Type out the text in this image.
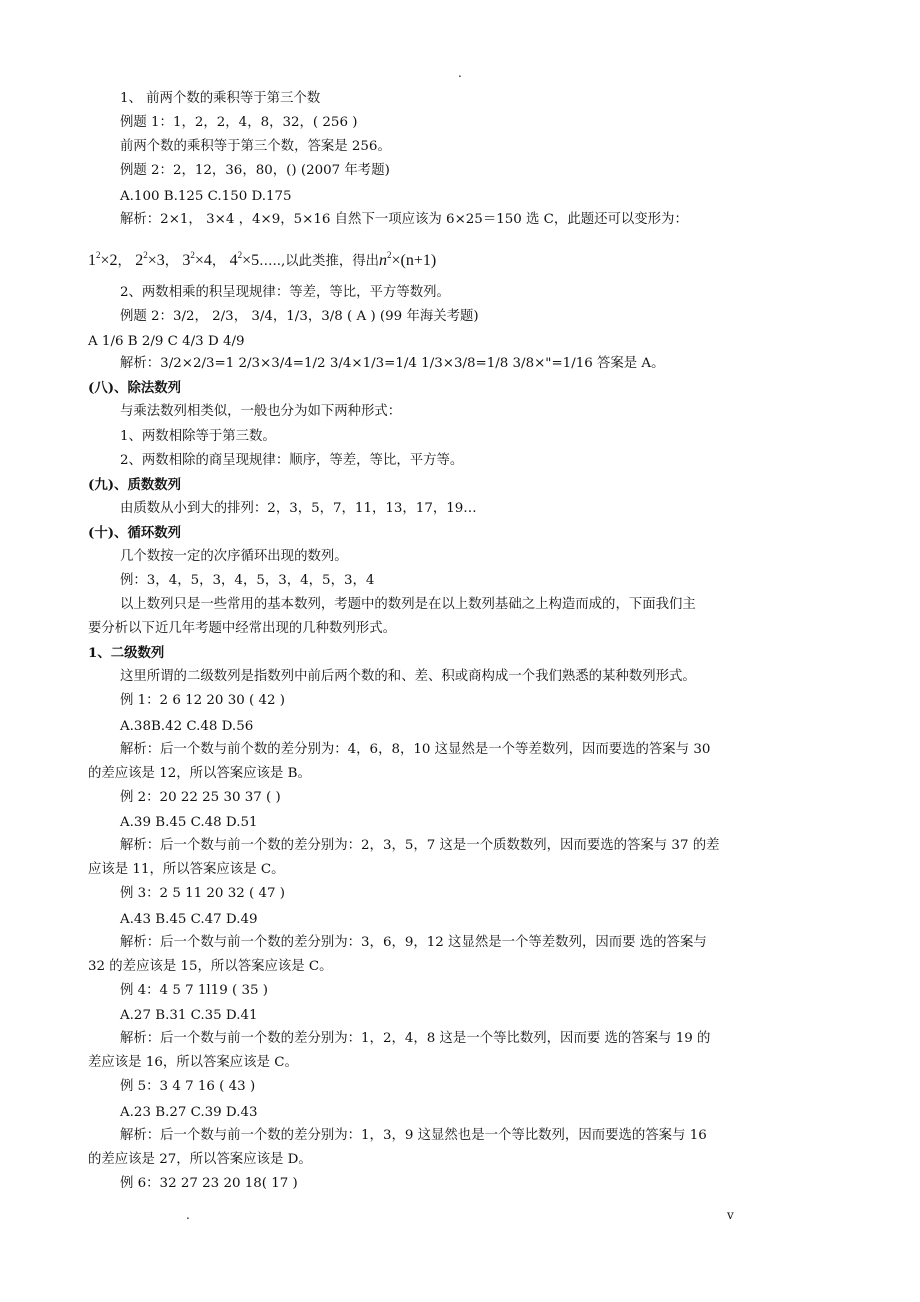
.
1、 前两个数的乘积等于第三个数
例题 1：1，2，2，4，8，32，( 256 )
前两个数的乘积等于第三个数，答案是 256。
例题 2：2，12，36，80，() (2007 年考题)
A.100 B.125 C.150 D.175
解析：2×1， 3×4 ，4×9，5×16 自然下一项应该为 6×25＝150 选 C，此题还可以变形为：
$1^2\times 2$， $2^2\times 3$， $3^2\times 4$， $4^2\times 5\dots$..,以此类推，得出$n^2\times(n+1)$
2、两数相乘的积呈现规律：等差，等比，平方等数列。
例题 2：3/2， 2/3， 3/4，1/3，3/8 ( A ) (99 年海关考题)
A 1/6 B 2/9 C 4/3 D 4/9
解析：3/2×2/3=1 2/3×3/4=1/2 3/4×1/3=1/4 1/3×3/8=1/8 3/8×"=1/16 答案是 A。
(八)、除法数列
与乘法数列相类似，一般也分为如下两种形式：
1、两数相除等于第三数。
2、两数相除的商呈现规律：顺序，等差，等比，平方等。
(九)、质数数列
由质数从小到大的排列：2，3，5，7，11，13，17，19…
(十)、循环数列
几个数按一定的次序循环出现的数列。
例：3，4，5，3，4，5，3，4，5，3，4
以上数列只是一些常用的基本数列，考题中的数列是在以上数列基础之上构造而成的，下面我们主
要分析以下近几年考题中经常出现的几种数列形式。
1、二级数列
这里所谓的二级数列是指数列中前后两个数的和、差、积或商构成一个我们熟悉的某种数列形式。
例 1：2 6 12 20 30 ( 42 )
A.38B.42 C.48 D.56
解析：后一个数与前个数的差分别为：4，6，8，10 这显然是一个等差数列，因而要选的答案与 30
的差应该是 12，所以答案应该是 B。
例 2：20 22 25 30 37 ( )
A.39 B.45 C.48 D.51
解析：后一个数与前一个数的差分别为：2，3，5，7 这是一个质数数列，因而要选的答案与 37 的差
应该是 11，所以答案应该是 C。
例 3：2 5 11 20 32 ( 47 )
A.43 B.45 C.47 D.49
解析：后一个数与前一个数的差分别为：3，6，9，12 这显然是一个等差数列，因而要 选的答案与
32 的差应该是 15，所以答案应该是 C。
例 4：4 5 7 1l19 ( 35 )
A.27 B.31 C.35 D.41
解析：后一个数与前一个数的差分别为：1，2，4，8 这是一个等比数列，因而要 选的答案与 19 的
差应该是 16，所以答案应该是 C。
例 5：3 4 7 16 ( 43 )
A.23 B.27 C.39 D.43
解析：后一个数与前一个数的差分别为：1，3，9 这显然也是一个等比数列，因而要选的答案与 16
的差应该是 27，所以答案应该是 D。
例 6：32 27 23 20 18( 17 )
.	v
